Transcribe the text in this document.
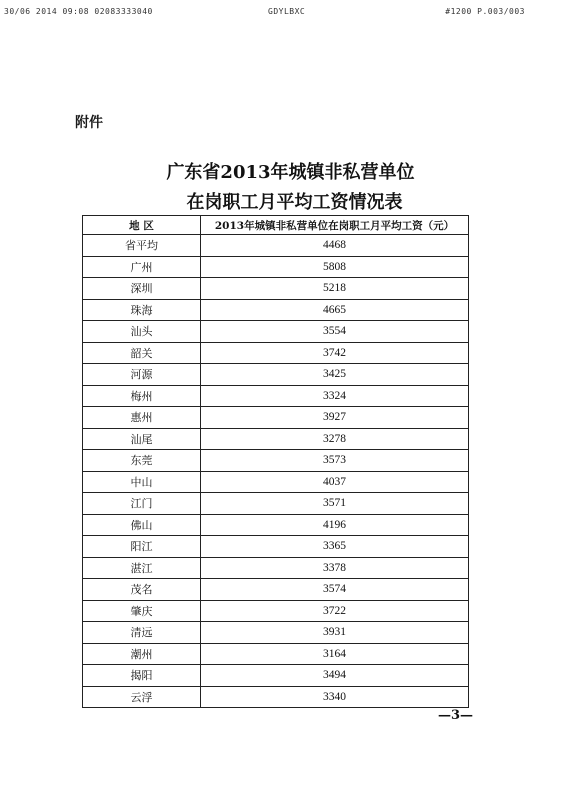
30/06 2014 09:08 02083333040	GDYLBXC	#1200 P.003/003
附件
广东省2013年城镇非私营单位
在岗职工月平均工资情况表
地 区	2013年城镇非私营单位在岗职工月平均工资（元）
省平均	4468
广州	5808
深圳	5218
珠海	4665
汕头	3554
韶关	3742
河源	3425
梅州	3324
惠州	3927
汕尾	3278
东莞	3573
中山	4037
江门	3571
佛山	4196
阳江	3365
湛江	3378
茂名	3574
肇庆	3722
清远	3931
潮州	3164
揭阳	3494
云浮	3340
—3—
